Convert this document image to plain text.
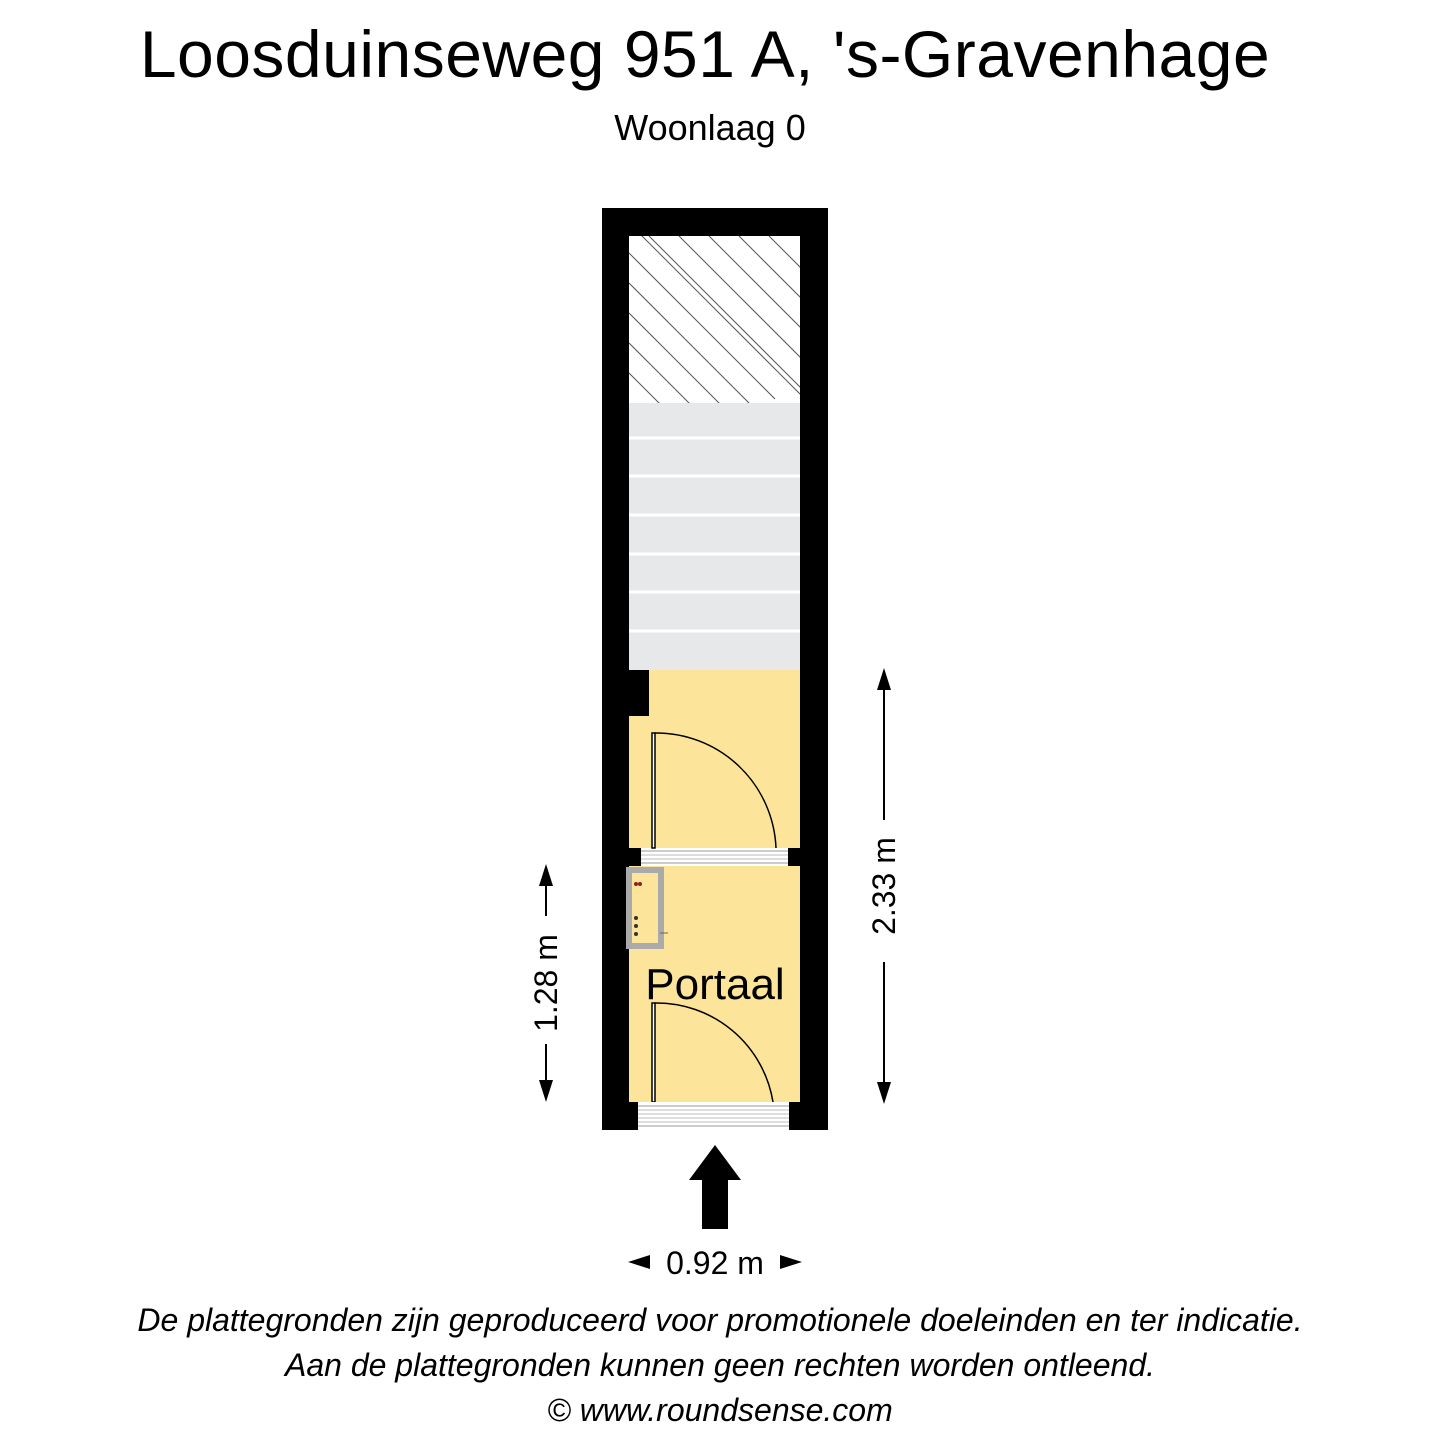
Loosduinseweg 951 A, 's-Gravenhage
Woonlaag 0
Portaal
2.33 m
1.28 m
0.92 m
De plattegronden zijn geproduceerd voor promotionele doeleinden en ter indicatie.
Aan de plattegronden kunnen geen rechten worden ontleend.
© www.roundsense.com
